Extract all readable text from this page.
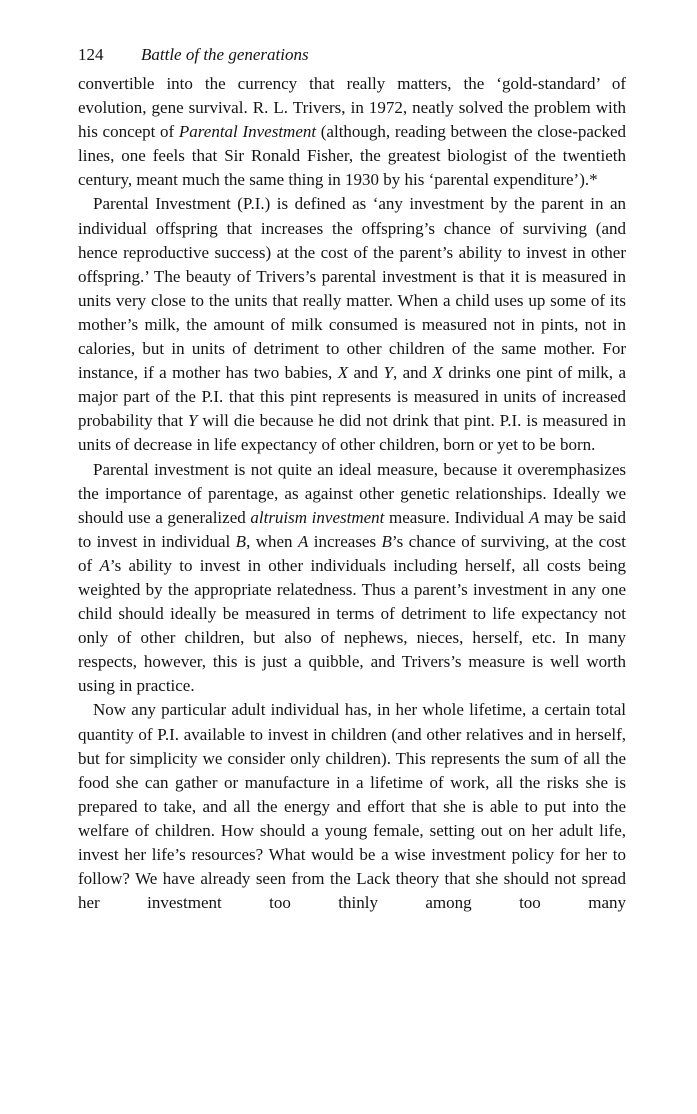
124 Battle of the generations

convertible into the currency that really matters, the ‘gold-standard’ of evolution, gene survival. R. L. Trivers, in 1972, neatly solved the problem with his concept of Parental Investment (although, reading between the close-packed lines, one feels that Sir Ronald Fisher, the greatest biologist of the twentieth century, meant much the same thing in 1930 by his ‘parental expenditure’).*

Parental Investment (P.I.) is defined as ‘any investment by the parent in an individual offspring that increases the offspring’s chance of surviving (and hence reproductive success) at the cost of the parent’s ability to invest in other offspring.’ The beauty of Trivers’s parental investment is that it is measured in units very close to the units that really matter. When a child uses up some of its mother’s milk, the amount of milk consumed is measured not in pints, not in calories, but in units of detriment to other children of the same mother. For instance, if a mother has two babies, X and Y, and X drinks one pint of milk, a major part of the P.I. that this pint represents is measured in units of increased probability that Y will die because he did not drink that pint. P.I. is measured in units of decrease in life expectancy of other children, born or yet to be born.

Parental investment is not quite an ideal measure, because it overemphasizes the importance of parentage, as against other genetic relationships. Ideally we should use a generalized altruism investment measure. Individual A may be said to invest in individual B, when A increases B’s chance of surviving, at the cost of A’s ability to invest in other individuals including herself, all costs being weighted by the appropriate relatedness. Thus a parent’s investment in any one child should ideally be measured in terms of detriment to life expectancy not only of other children, but also of nephews, nieces, herself, etc. In many respects, however, this is just a quibble, and Trivers’s measure is well worth using in practice.

Now any particular adult individual has, in her whole lifetime, a certain total quantity of P.I. available to invest in children (and other relatives and in herself, but for simplicity we consider only children). This represents the sum of all the food she can gather or manufacture in a lifetime of work, all the risks she is prepared to take, and all the energy and effort that she is able to put into the welfare of children. How should a young female, setting out on her adult life, invest her life’s resources? What would be a wise investment policy for her to follow? We have already seen from the Lack theory that she should not spread her investment too thinly among too many
